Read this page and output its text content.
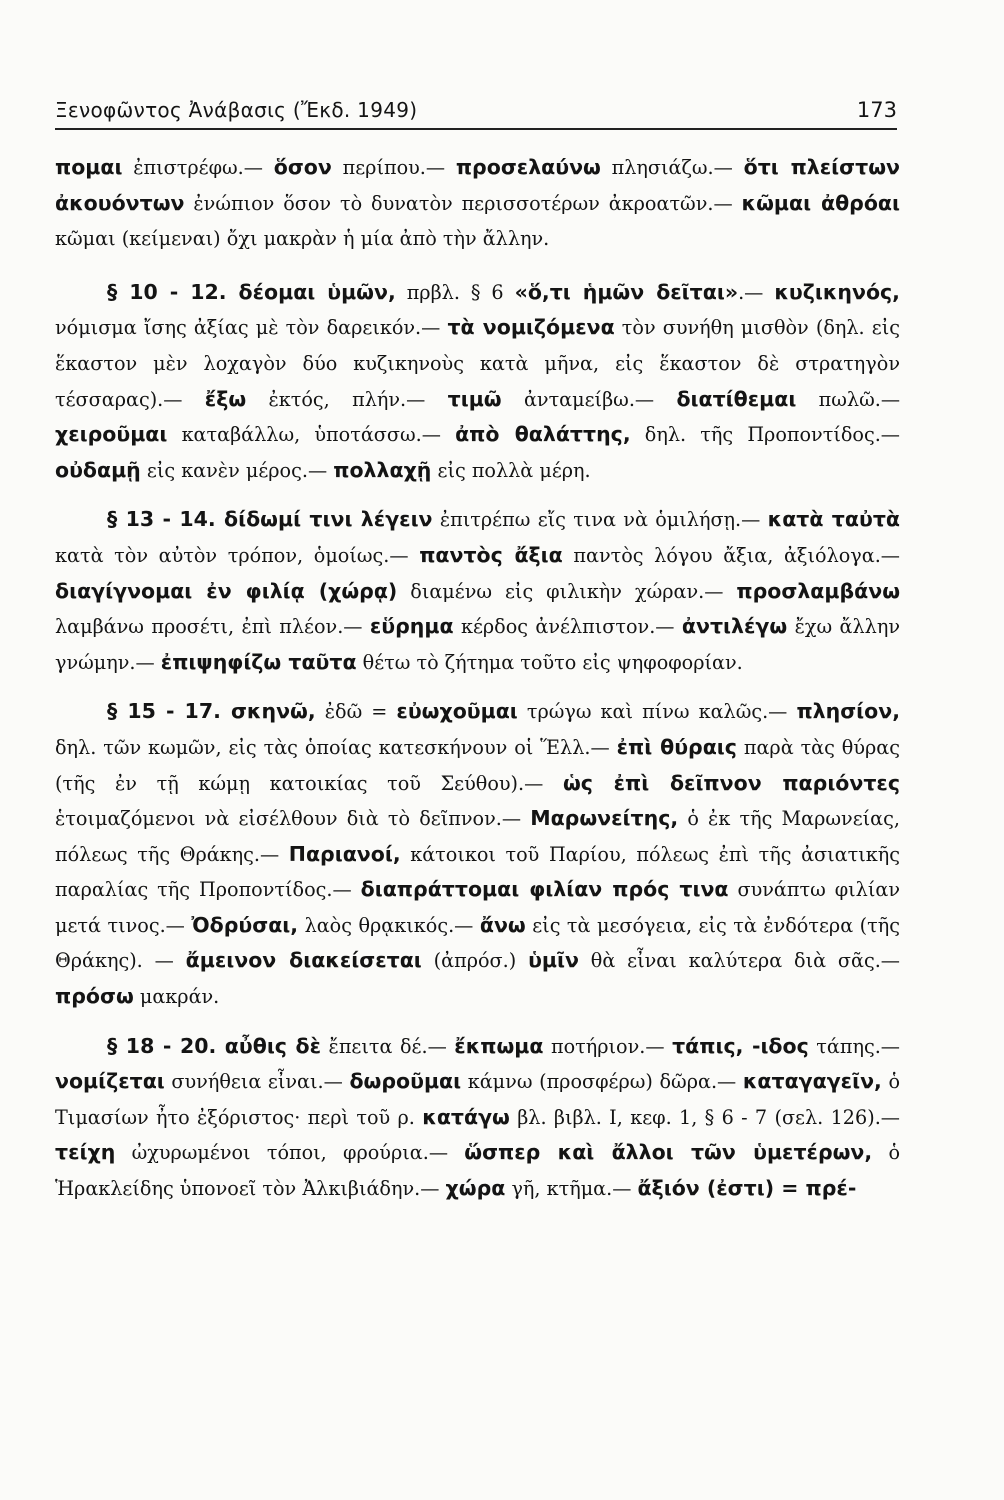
Ξενοφῶντος Ἀνάβασις (Ἔκδ. 1949)	173

πομαι ἐπιστρέφω.— ὅσον περίπου.— προσελαύνω πλησιάζω.— ὅτι πλείστων ἀκουόντων ἐνώπιον ὅσον τὸ δυνατὸν περισσοτέρων ἀκροατῶν.— κῶμαι ἀθρόαι κῶμαι (κείμεναι) ὄχι μακρὰν ἡ μία ἀπὸ τὴν ἄλλην.

§ 10 - 12. δέομαι ὑμῶν, πρβλ. § 6 «ὅ,τι ἡμῶν δεῖται».— κυζικηνός, νόμισμα ἴσης ἀξίας μὲ τὸν δαρεικόν.— τὰ νομιζόμενα τὸν συνήθη μισθὸν (δηλ. εἰς ἕκαστον μὲν λοχαγὸν δύο κυζικηνοὺς κατὰ μῆνα, εἰς ἕκαστον δὲ στρατηγὸν τέσσαρας).— ἔξω ἐκτός, πλήν.— τιμῶ ἀνταμείβω.— διατίθεμαι πωλῶ.— χειροῦμαι καταβάλλω, ὑποτάσσω.— ἀπὸ θαλάττης, δηλ. τῆς Προποντίδος.— οὐδαμῇ εἰς κανὲν μέρος.— πολλαχῇ εἰς πολλὰ μέρη.

§ 13 - 14. δίδωμί τινι λέγειν ἐπιτρέπω εἴς τινα νὰ ὁμιλήσῃ.— κατὰ ταὐτὰ κατὰ τὸν αὐτὸν τρόπον, ὁμοίως.— παντὸς ἄξια παντὸς λόγου ἄξια, ἀξιόλογα.— διαγίγνομαι ἐν φιλίᾳ (χώρᾳ) διαμένω εἰς φιλικὴν χώραν.— προσλαμβάνω λαμβάνω προσέτι, ἐπὶ πλέον.— εὕρημα κέρδος ἀνέλπιστον.— ἀντιλέγω ἔχω ἄλλην γνώμην.— ἐπιψηφίζω ταῦτα θέτω τὸ ζήτημα τοῦτο εἰς ψηφοφορίαν.

§ 15 - 17. σκηνῶ, ἐδῶ = εὐωχοῦμαι τρώγω καὶ πίνω καλῶς.— πλησίον, δηλ. τῶν κωμῶν, εἰς τὰς ὁποίας κατεσκήνουν οἱ Ἕλλ.— ἐπὶ θύραις παρὰ τὰς θύρας (τῆς ἐν τῇ κώμῃ κατοικίας τοῦ Σεύθου).— ὡς ἐπὶ δεῖπνον παριόντες ἑτοιμαζόμενοι νὰ εἰσέλθουν διὰ τὸ δεῖπνον.— Μαρωνείτης, ὁ ἐκ τῆς Μαρωνείας, πόλεως τῆς Θράκης.— Παριανοί, κάτοικοι τοῦ Παρίου, πόλεως ἐπὶ τῆς ἀσιατικῆς παραλίας τῆς Προποντίδος.— διαπράττομαι φιλίαν πρός τινα συνάπτω φιλίαν μετά τινος.— Ὀδρύσαι, λαὸς θρᾳκικός.— ἄνω εἰς τὰ μεσόγεια, εἰς τὰ ἐνδότερα (τῆς Θράκης). — ἄμεινον διακείσεται (ἀπρόσ.) ὑμῖν θὰ εἶναι καλύτερα διὰ σᾶς.— πρόσω μακράν.

§ 18 - 20. αὖθις δὲ ἔπειτα δέ.— ἔκπωμα ποτήριον.— τάπις, -ιδος τάπης.— νομίζεται συνήθεια εἶναι.— δωροῦμαι κάμνω (προσφέρω) δῶρα.— καταγαγεῖν, ὁ Τιμασίων ἦτο ἐξόριστος· περὶ τοῦ ρ. κατάγω βλ. βιβλ. I, κεφ. 1, § 6 - 7 (σελ. 126).— τείχη ὠχυρωμένοι τόποι, φρούρια.— ὥσπερ καὶ ἄλλοι τῶν ὑμετέρων, ὁ Ἡρακλείδης ὑπονοεῖ τὸν Ἀλκιβιάδην.— χώρα γῆ, κτῆμα.— ἄξιόν (ἐστι) = πρέ-
